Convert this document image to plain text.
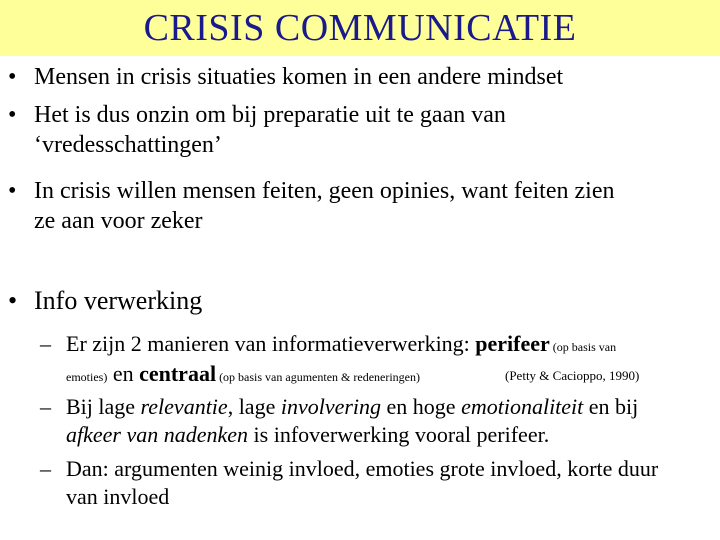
CRISIS COMMUNICATIE
• Mensen in crisis situaties komen in een andere mindset
• Het is dus onzin om bij preparatie uit te gaan van
‘vredesschattingen’
• In crisis willen mensen feiten, geen opinies, want feiten zien
ze aan voor zeker
• Info verwerking
– Er zijn 2 manieren van informatieverwerking: perifeer (op basis van
emoties) en centraal (op basis van agumenten & redeneringen)	(Petty & Cacioppo, 1990)
– Bij lage relevantie, lage involvering en hoge emotionaliteit en bij
afkeer van nadenken is infoverwerking vooral perifeer.
– Dan: argumenten weinig invloed, emoties grote invloed, korte duur
van invloed
